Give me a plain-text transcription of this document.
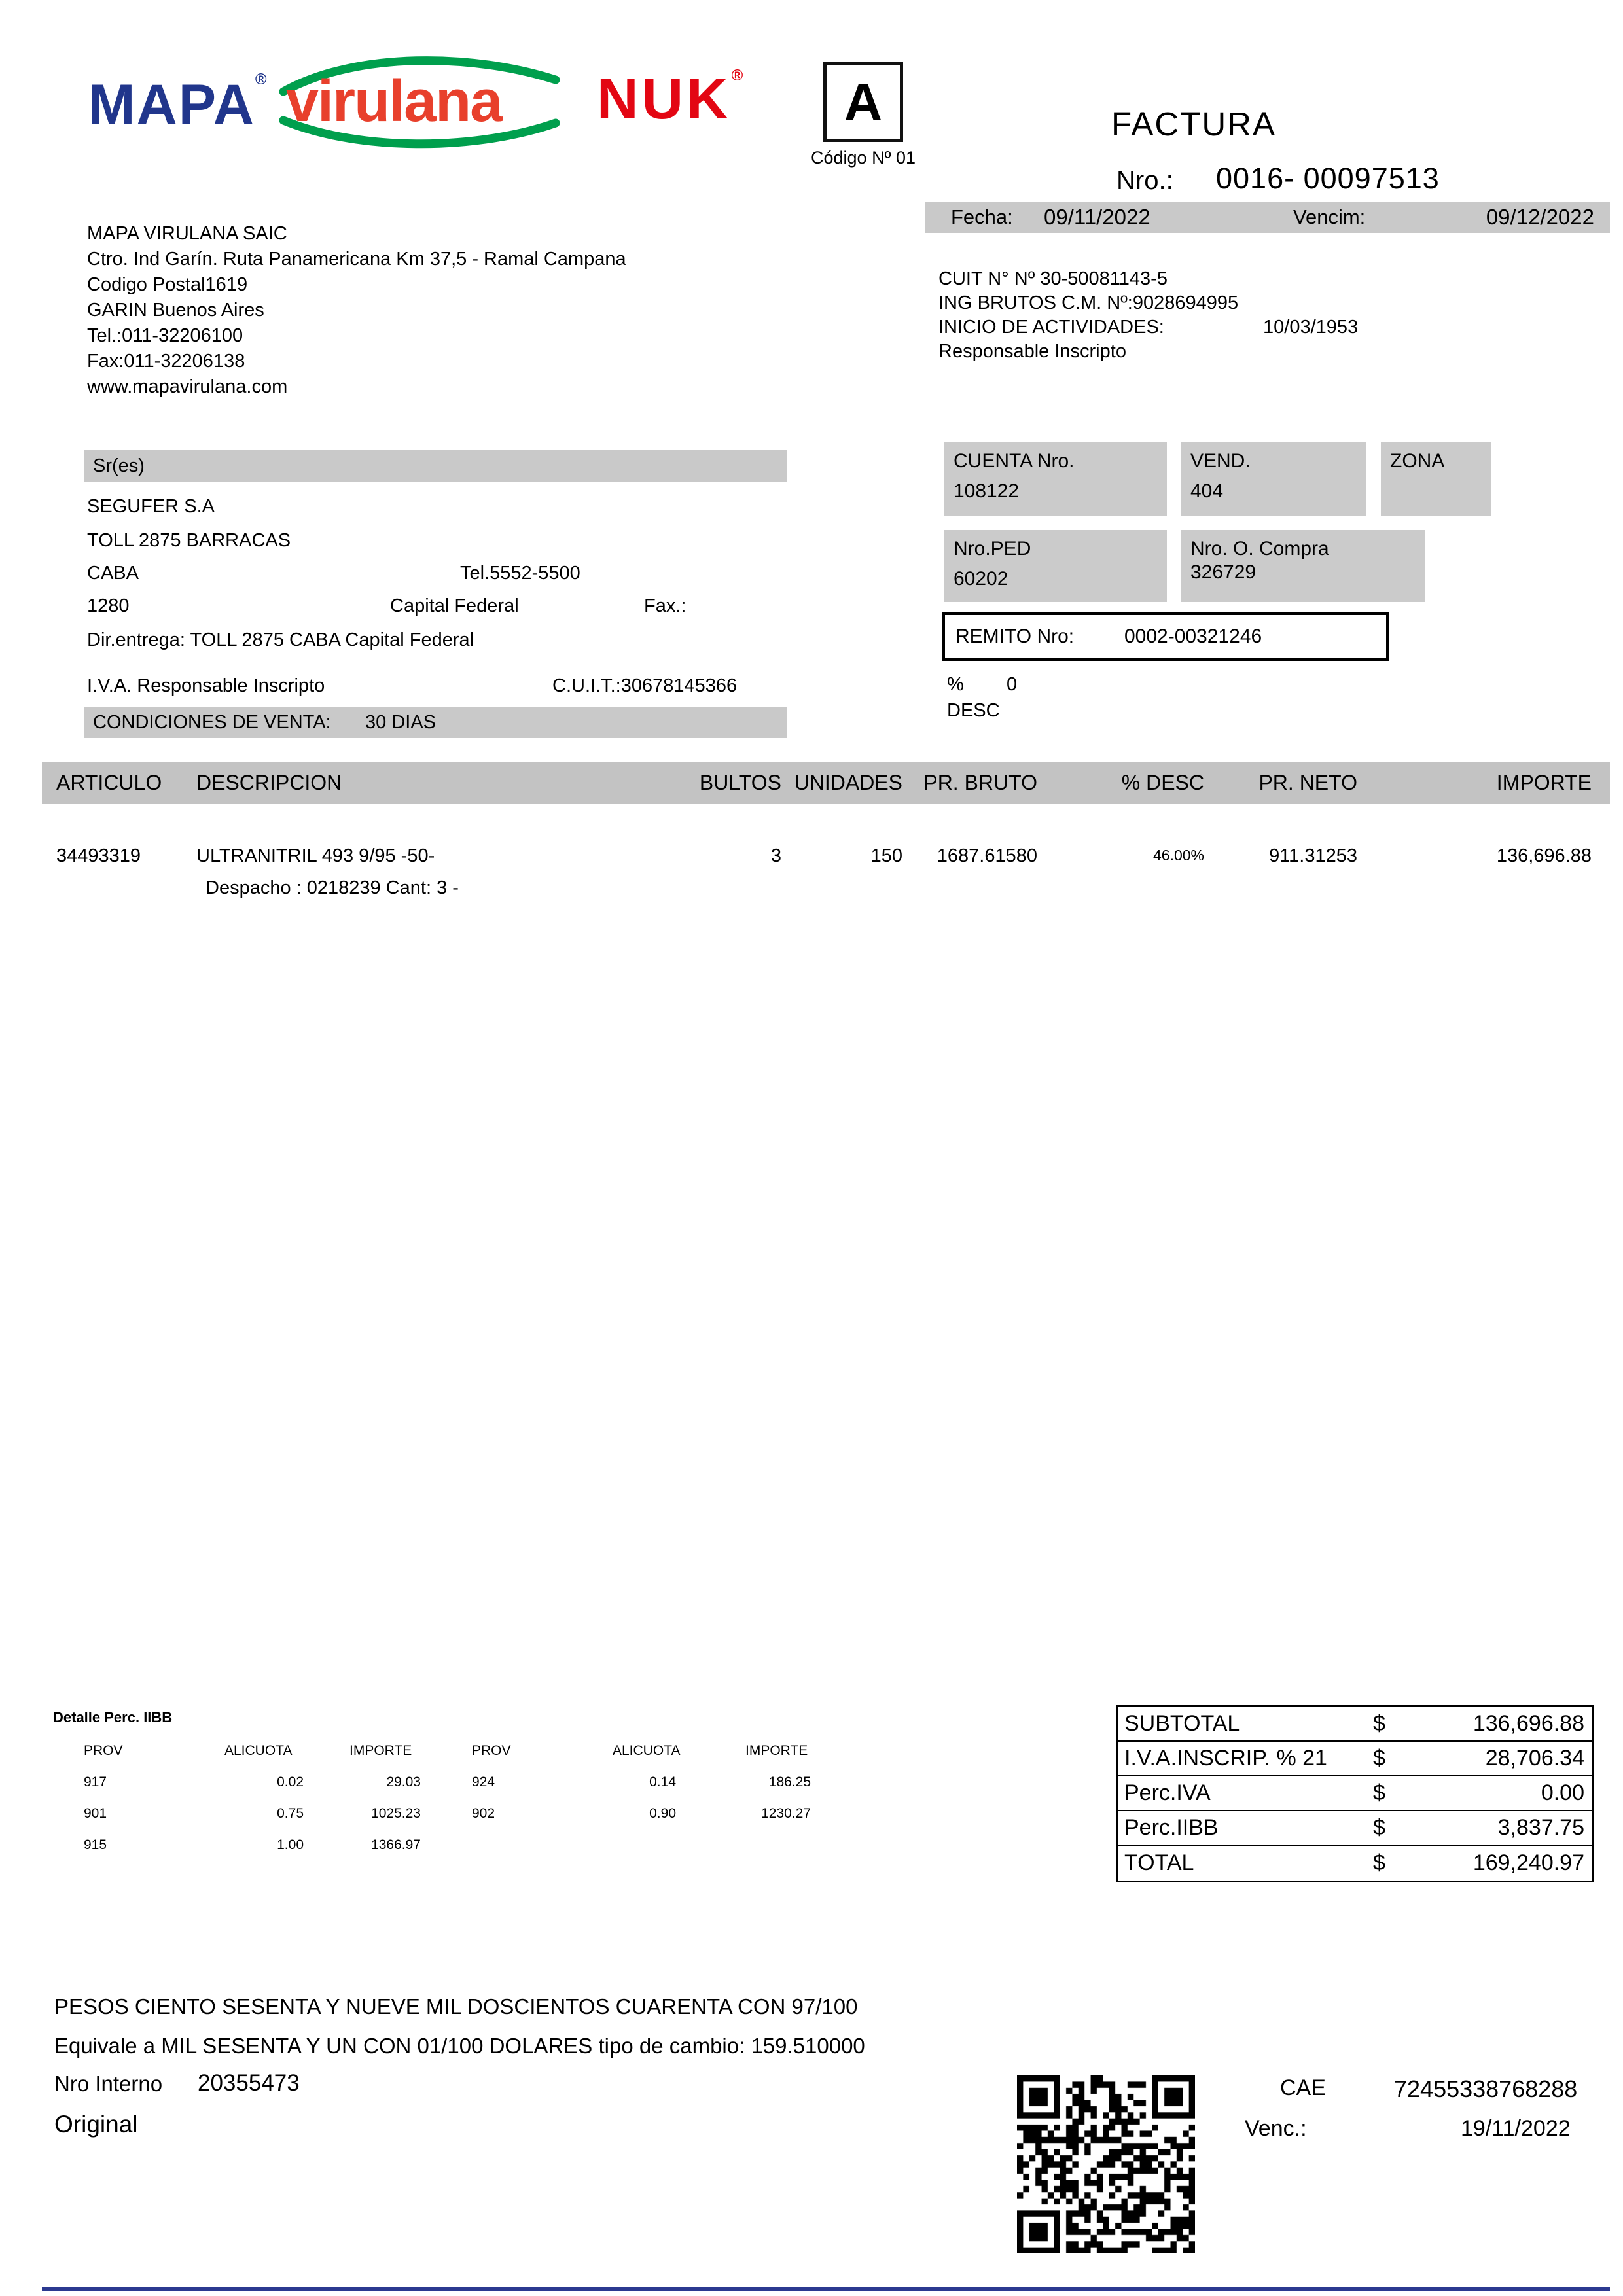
MAPA® virulana NUK® A
Código Nº 01
FACTURA
Nro.: 0016- 00097513
Fecha: 09/11/2022	Vencim:	09/12/2022
MAPA VIRULANA SAIC
Ctro. Ind Garín. Ruta Panamericana Km 37,5 - Ramal Campana
Codigo Postal1619
GARIN Buenos Aires
Tel.:011-32206100
Fax:011-32206138
www.mapavirulana.com
CUIT N° Nº 30-50081143-5
ING BRUTOS C.M. Nº:9028694995
INICIO DE ACTIVIDADES:	10/03/1953
Responsable Inscripto
Sr(es)
SEGUFER S.A
TOLL 2875 BARRACAS
CABA	Tel.5552-5500
1280	Capital Federal	Fax.:
Dir.entrega: TOLL 2875 CABA Capital Federal
I.V.A. Responsable Inscripto	C.U.I.T.:30678145366
CONDICIONES DE VENTA: 30 DIAS
CUENTA Nro.
108122
VEND.
404
ZONA
Nro.PED
60202
Nro. O. Compra
326729
REMITO Nro:	0002-00321246
% 0
DESC
ARTICULO	DESCRIPCION	BULTOS UNIDADES	PR. BRUTO	% DESC	PR. NETO	IMPORTE
34493319	ULTRANITRIL 493 9/95 -50-
Despacho : 0218239 Cant: 3 -
3	150	1687.61580	46.00%	911.31253	136,696.88
Detalle Perc. IIBB
PROV	ALICUOTA	IMPORTE	PROV	ALICUOTA	IMPORTE
917	0.02	29.03	924	0.14	186.25
901	0.75	1025.23	902	0.90	1230.27
915	1.00	1366.97
SUBTOTAL	$	136,696.88
I.V.A.INSCRIP. % 21	$	28,706.34
Perc.IVA	$	0.00
Perc.IIBB	$	3,837.75
TOTAL	$	169,240.97
PESOS CIENTO SESENTA Y NUEVE MIL DOSCIENTOS CUARENTA CON 97/100
Equivale a MIL SESENTA Y UN CON 01/100 DOLARES tipo de cambio: 159.510000
Nro Interno 20355473
Original
CAE	72455338768288
Venc.:	19/11/2022
